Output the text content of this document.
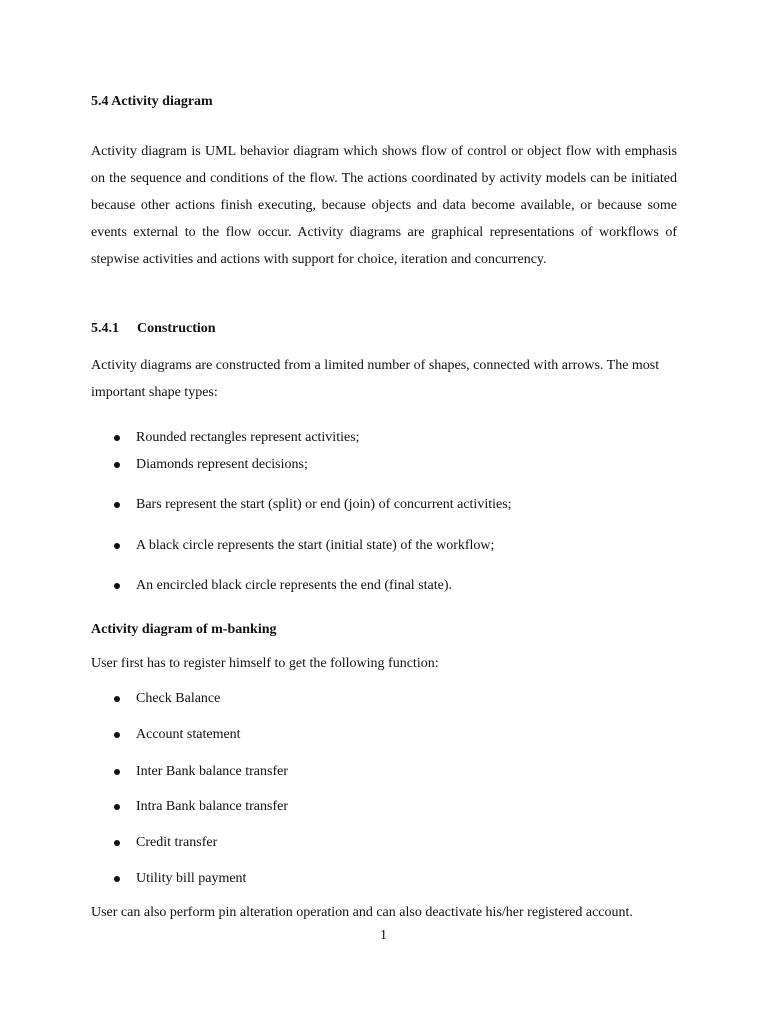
5.4 Activity diagram
Activity diagram is UML behavior diagram which shows flow of control or object flow with emphasis on the sequence and conditions of the flow. The actions coordinated by activity models can be initiated because other actions finish executing, because objects and data become available, or because some events external to the flow occur. Activity diagrams are graphical representations of workflows of stepwise activities and actions with support for choice, iteration and concurrency.
5.4.1 Construction
Activity diagrams are constructed from a limited number of shapes, connected with arrows. The most important shape types:
Rounded rectangles represent activities;
Diamonds represent decisions;
Bars represent the start (split) or end (join) of concurrent activities;
A black circle represents the start (initial state) of the workflow;
An encircled black circle represents the end (final state).
Activity diagram of m-banking
User first has to register himself to get the following function:
Check Balance
Account statement
Inter Bank balance transfer
Intra Bank balance transfer
Credit transfer
Utility bill payment
User can also perform pin alteration operation and can also deactivate his/her registered account.
1
